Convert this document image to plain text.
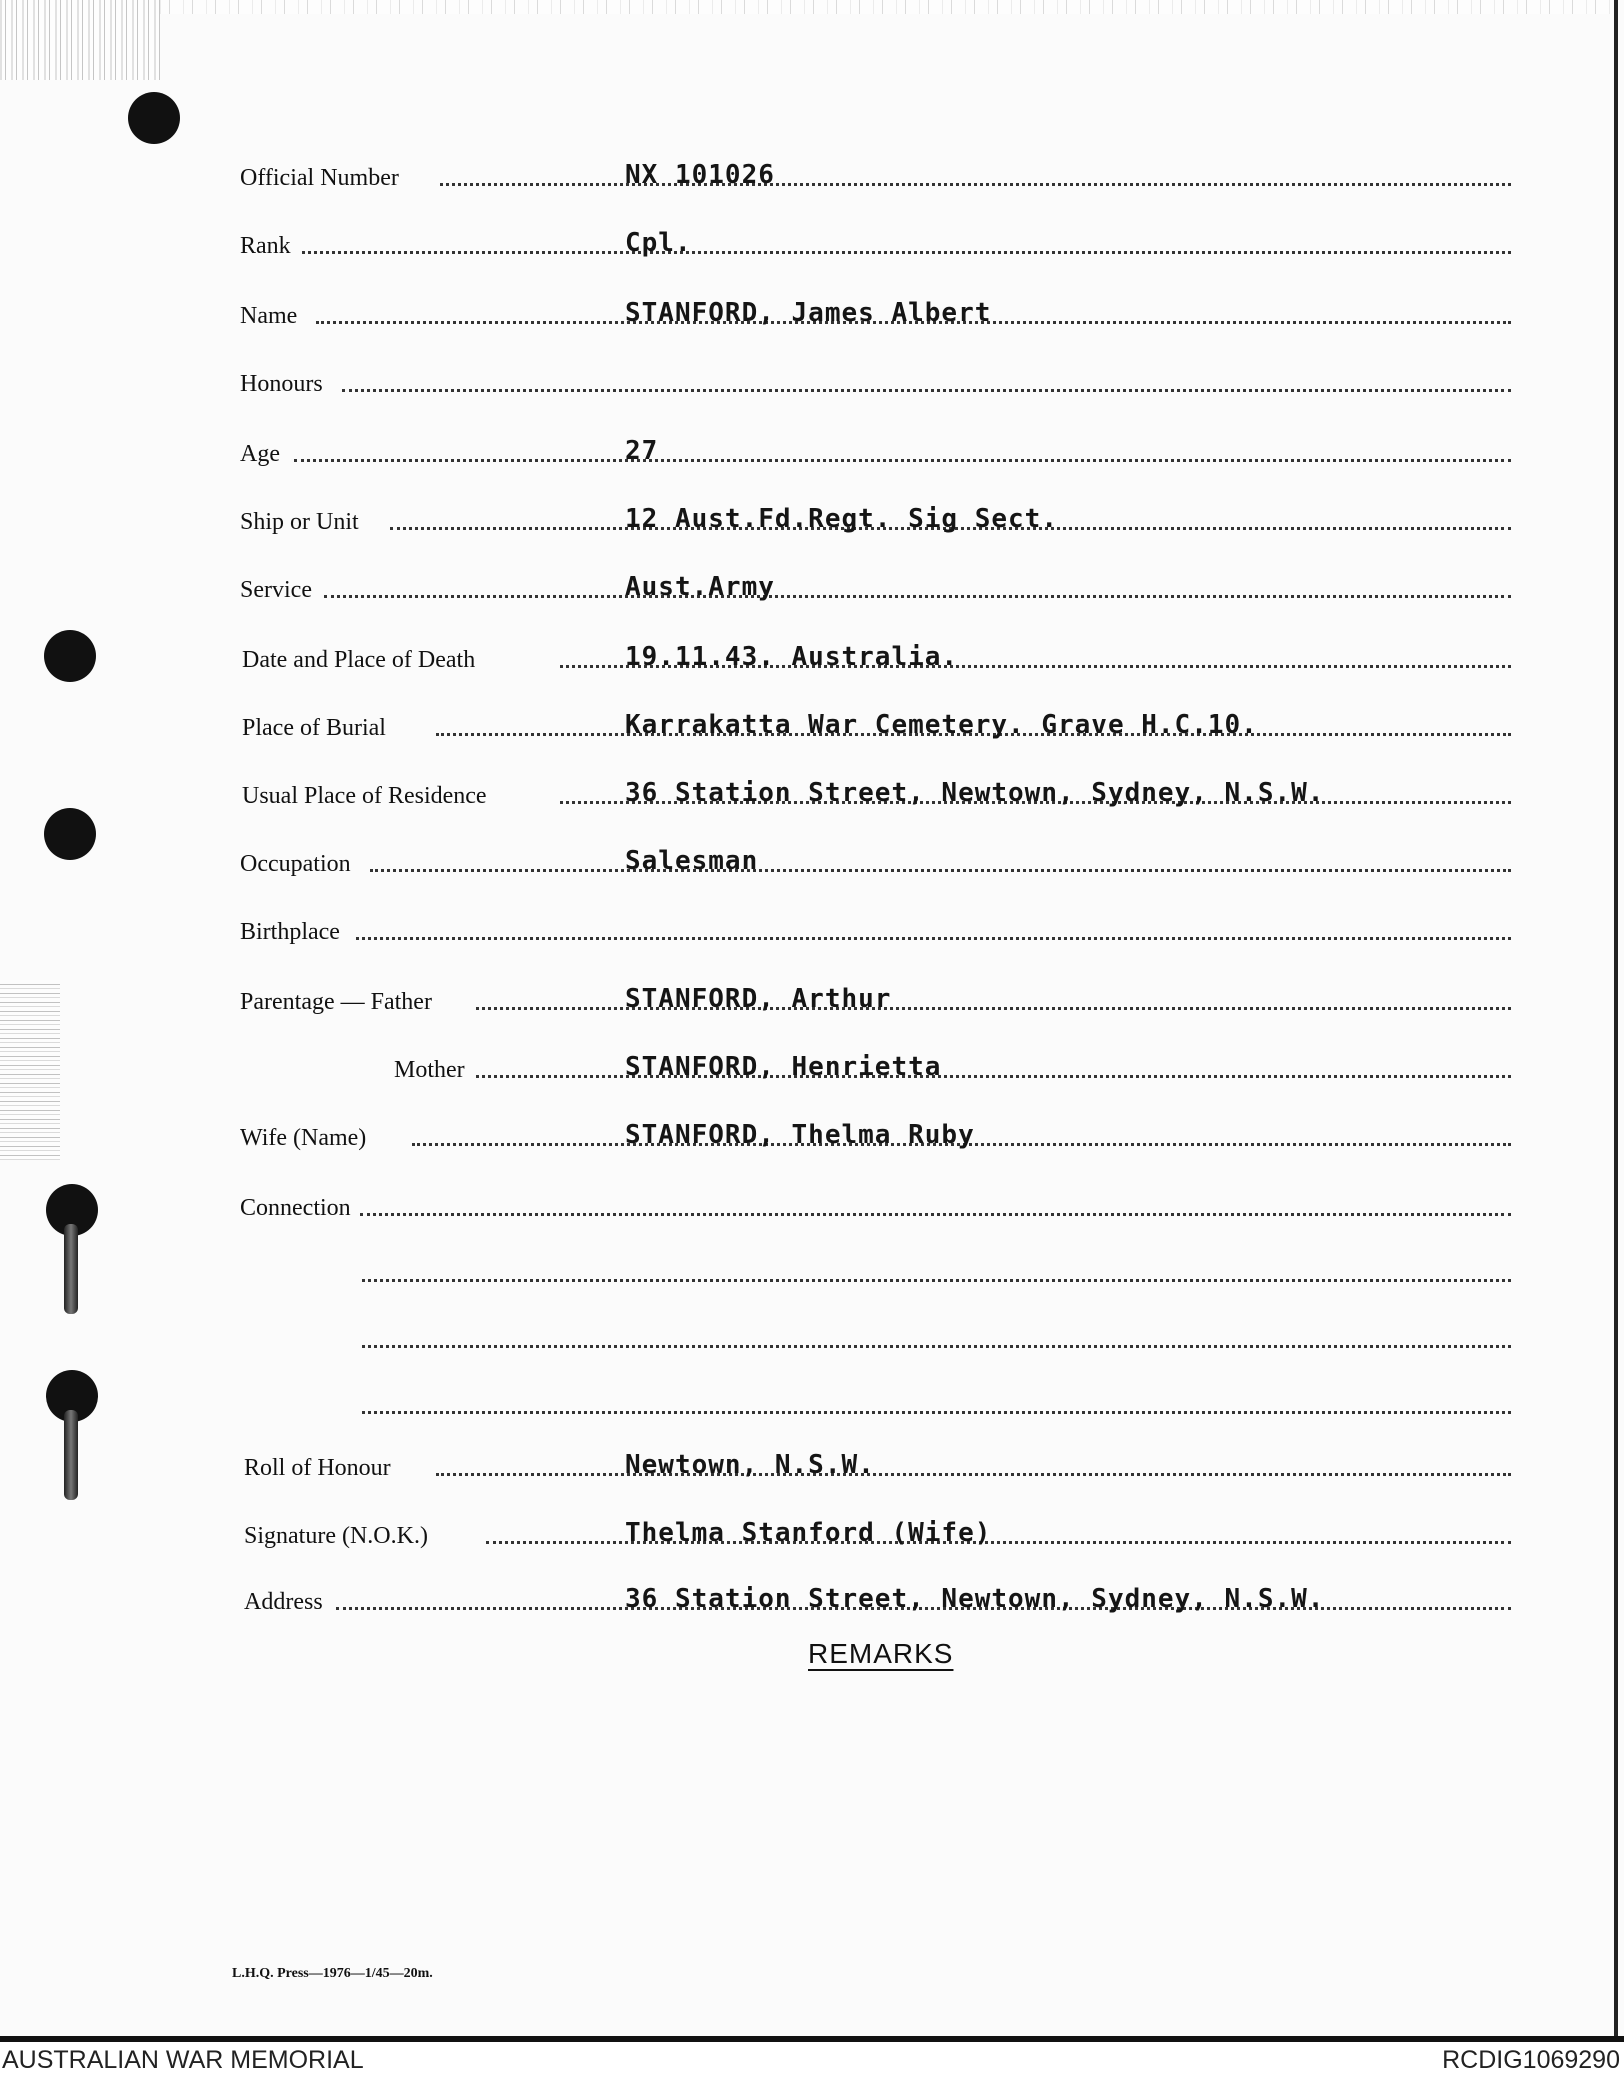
Official Number	NX 101026
Rank	Cpl.
Name	STANFORD, James Albert
Honours
Age	27
Ship or Unit	12 Aust.Fd.Regt. Sig Sect.
Service	Aust.Army
Date and Place of Death	19.11.43. Australia.
Place of Burial	Karrakatta War Cemetery. Grave H.C.10.
Usual Place of Residence	36 Station Street, Newtown, Sydney, N.S.W.
Occupation	Salesman
Birthplace
Parentage — Father	STANFORD, Arthur
Mother	STANFORD, Henrietta
Wife (Name)	STANFORD, Thelma Ruby
Connection
Roll of Honour	Newtown, N.S.W.
Signature (N.O.K.)	Thelma Stanford (Wife)
Address	36 Station Street, Newtown, Sydney, N.S.W.
REMARKS
L.H.Q. Press—1976—1/45—20m.
AUSTRALIAN WAR MEMORIAL	RCDIG1069290
